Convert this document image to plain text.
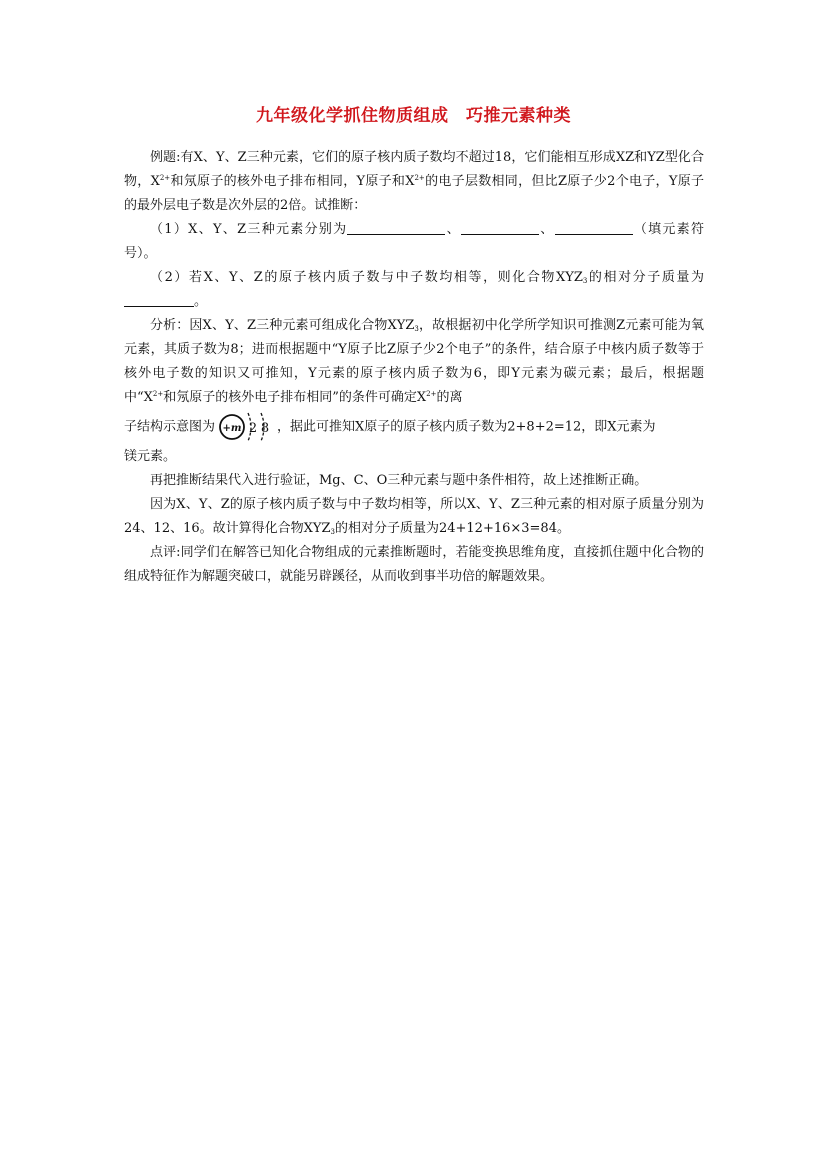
九年级化学抓住物质组成　巧推元素种类

例题:有X、Y、Z三种元素，它们的原子核内质子数均不超过18，它们能相互形成XZ和YZ型化合物，$X^{2+}$和氖原子的核外电子排布相同，Y原子和$X^{2+}$的电子层数相同，但比Z原子少2个电子，Y原子的最外层电子数是次外层的2倍。试推断：

（1）X、Y、Z三种元素分别为	、	、	（填元素符号）。

（2）若X、Y、Z的原子核内质子数与中子数均相等，则化合物$XYZ_3$的相对分子质量为。

分析：因X、Y、Z三种元素可组成化合物$XYZ_3$，故根据初中化学所学知识可推测Z元素可能为氧元素，其质子数为8；进而根据题中“Y原子比Z原子少2个电子”的条件，结合原子中核内质子数等于核外电子数的知识又可推知，Y元素的原子核内质子数为6，即Y元素为碳元素；最后，根据题中“$X^{2+}$和氖原子的核外电子排布相同”的条件可确定$X^{2+}$的离

子结构示意图为 +m 2 8 ，据此可推知X原子的原子核内质子数为2+8+2=12，即X元素为

镁元素。

再把推断结果代入进行验证，Mg、C、O三种元素与题中条件相符，故上述推断正确。

因为X、Y、Z的原子核内质子数与中子数均相等，所以X、Y、Z三种元素的相对原子质量分别为24、12、16。故计算得化合物$XYZ_3$的相对分子质量为24+12+16×3=84。

点评:同学们在解答已知化合物组成的元素推断题时，若能变换思维角度，直接抓住题中化合物的组成特征作为解题突破口，就能另辟蹊径，从而收到事半功倍的解题效果。
